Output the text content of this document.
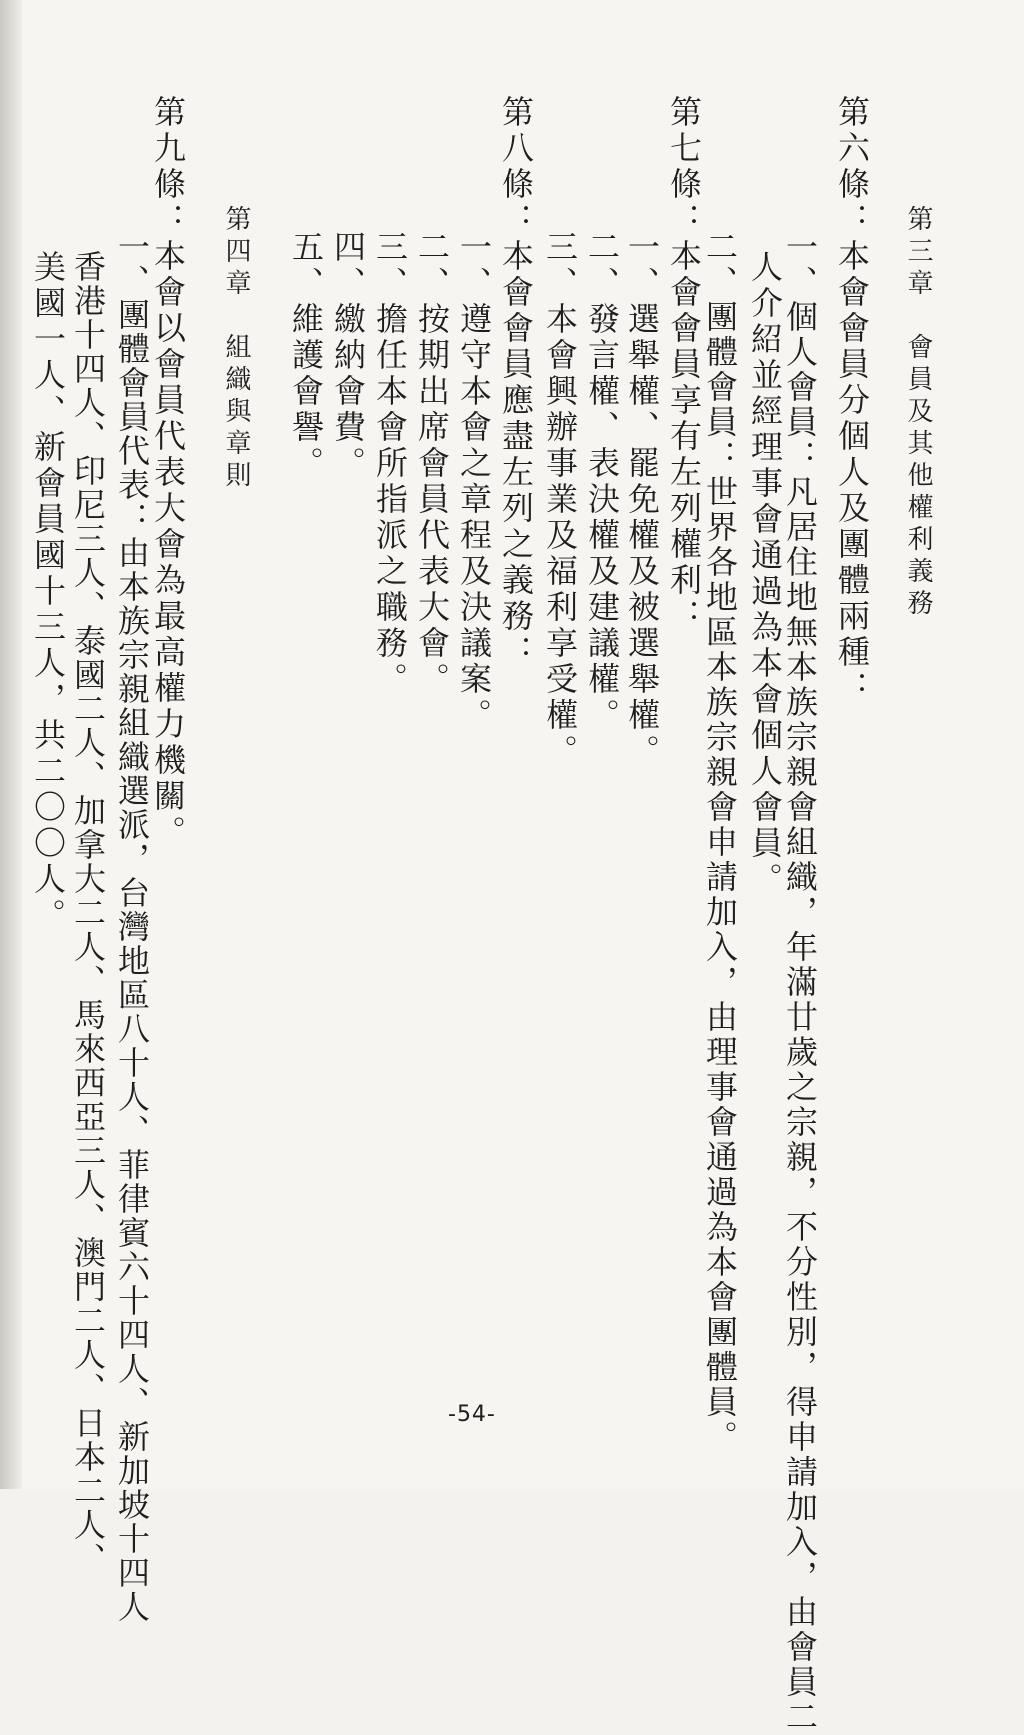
第三章　會員及其他權利義務
第六條：本會會員分個人及團體兩種：
一、個人會員：凡居住地無本族宗親會組織，年滿廿歲之宗親，不分性別，得申請加入，由會員二
人介紹並經理事會通過為本會個人會員。
二、團體會員：世界各地區本族宗親會申請加入，由理事會通過為本會團體員。
第七條：本會會員享有左列權利：
一、選舉權、罷免權及被選舉權。
二、發言權、表決權及建議權。
三、本會興辦事業及福利享受權。
第八條：本會會員應盡左列之義務：
一、遵守本會之章程及決議案。
二、按期出席會員代表大會。
三、擔任本會所指派之職務。
四、繳納會費。
五、維護會譽。
第四章　組織與章則
第九條：本會以會員代表大會為最高權力機關。
一、團體會員代表：由本族宗親組織選派，台灣地區八十人、菲律賓六十四人、新加坡十四人
香港十四人、印尼三人、泰國二人、加拿大二人、馬來西亞三人、澳門二人、日本二人、
美國一人、新會員國十三人，共二〇〇人。
-54-
